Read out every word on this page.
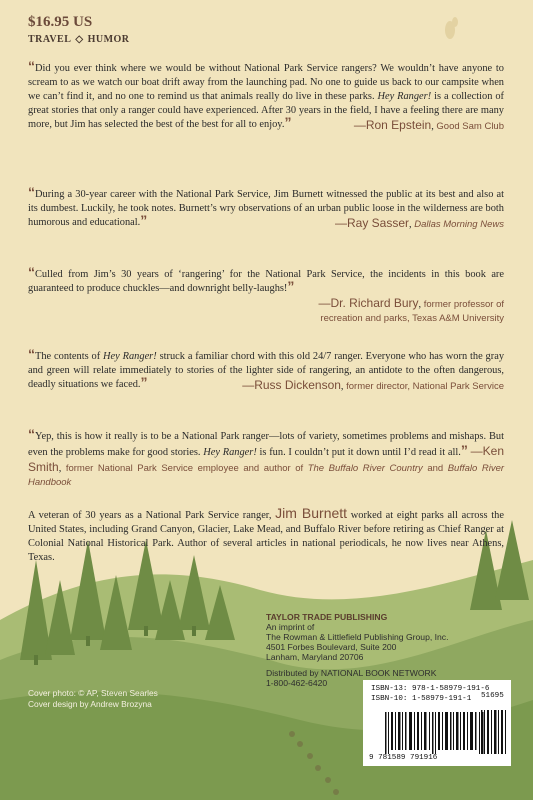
$16.95 US
TRAVEL ◇ HUMOR
“Did you ever think where we would be without National Park Service rangers? We wouldn’t have anyone to scream to as we watch our boat drift away from the launching pad. No one to guide us back to our campsite when we can’t find it, and no one to remind us that animals really do live in these parks. Hey Ranger! is a collection of great stories that only a ranger could have experienced. After 30 years in the field, I have a feeling there are many more, but Jim has selected the best of the best for all to enjoy.”	—Ron Epstein, Good Sam Club
“During a 30-year career with the National Park Service, Jim Burnett witnessed the public at its best and also at its dumbest. Luckily, he took notes. Burnett’s wry observations of an urban public loose in the wilderness are both humorous and educational.”	—Ray Sasser, Dallas Morning News
“Culled from Jim’s 30 years of ‘rangering’ for the National Park Service, the incidents in this book are guaranteed to produce chuckles—and downright belly-laughs!”
—Dr. Richard Bury, former professor of
recreation and parks, Texas A&M University
“The contents of Hey Ranger! struck a familiar chord with this old 24/7 ranger. Everyone who has worn the gray and green will relate immediately to stories of the lighter side of rangering, an antidote to the often dangerous, deadly situations we faced.”	—Russ Dickenson, former director, National Park Service
“Yep, this is how it really is to be a National Park ranger—lots of variety, sometimes problems and mishaps. But even the problems make for good stories. Hey Ranger! is fun. I couldn’t put it down until I’d read it all.” —Ken Smith, former National Park Service employee and author of The Buffalo River Country and Buffalo River Handbook
A veteran of 30 years as a National Park Service ranger, Jim Burnett worked at eight parks all across the United States, including Grand Canyon, Glacier, Lake Mead, and Buffalo River before retiring as Chief Ranger at Colonial National Historical Park. Author of several articles in national periodicals, he now lives near Athens, Texas.
TAYLOR TRADE PUBLISHING
An imprint of
The Rowman & Littlefield Publishing Group, Inc.
4501 Forbes Boulevard, Suite 200
Lanham, Maryland 20706
Distributed by NATIONAL BOOK NETWORK
1-800-462-6420
Cover photo: © AP, Steven Searles
Cover design by Andrew Brozyna
ISBN-13: 978-1-58979-191-6
ISBN-10: 1-58979-191-1 51695
9 781589 791916
